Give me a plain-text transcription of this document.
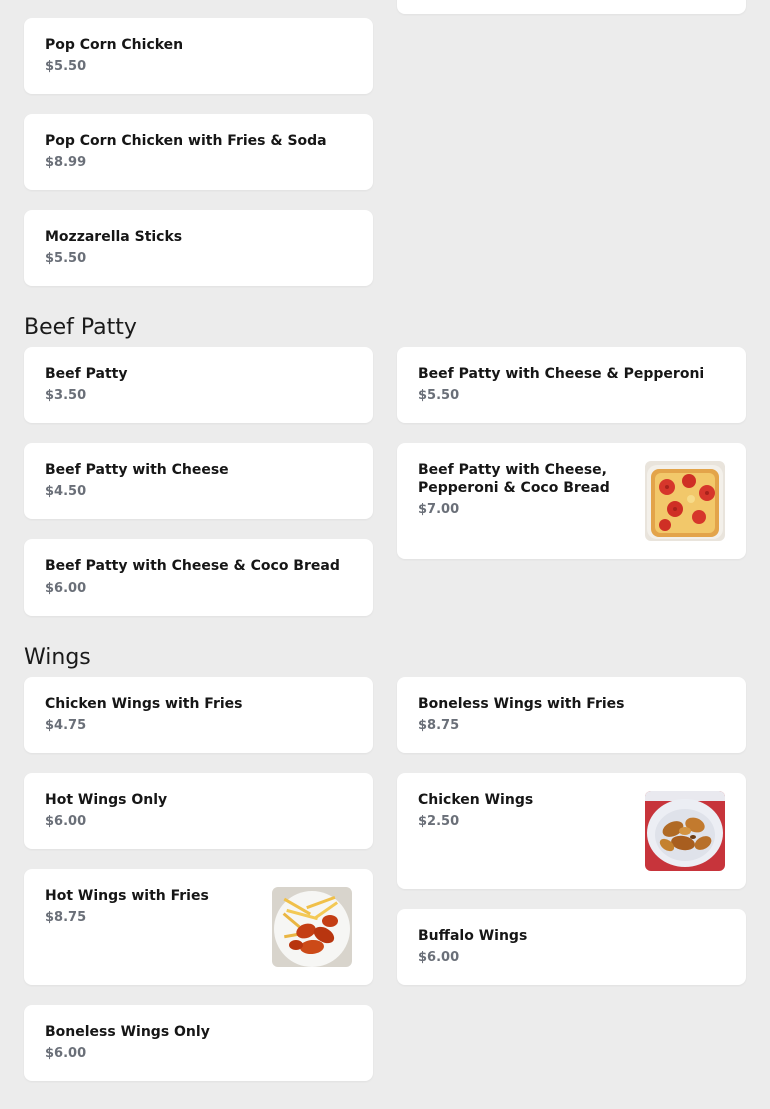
Pop Corn Chicken
$5.50
Pop Corn Chicken with Fries & Soda
$8.99
Mozzarella Sticks
$5.50
Beef Patty
Beef Patty
$3.50
Beef Patty with Cheese & Pepperoni
$5.50
Beef Patty with Cheese
$4.50
Beef Patty with Cheese, Pepperoni & Coco Bread
$7.00
Beef Patty with Cheese & Coco Bread
$6.00
Wings
Chicken Wings with Fries
$4.75
Boneless Wings with Fries
$8.75
Hot Wings Only
$6.00
Chicken Wings
$2.50
Hot Wings with Fries
$8.75
Buffalo Wings
$6.00
Boneless Wings Only
$6.00
